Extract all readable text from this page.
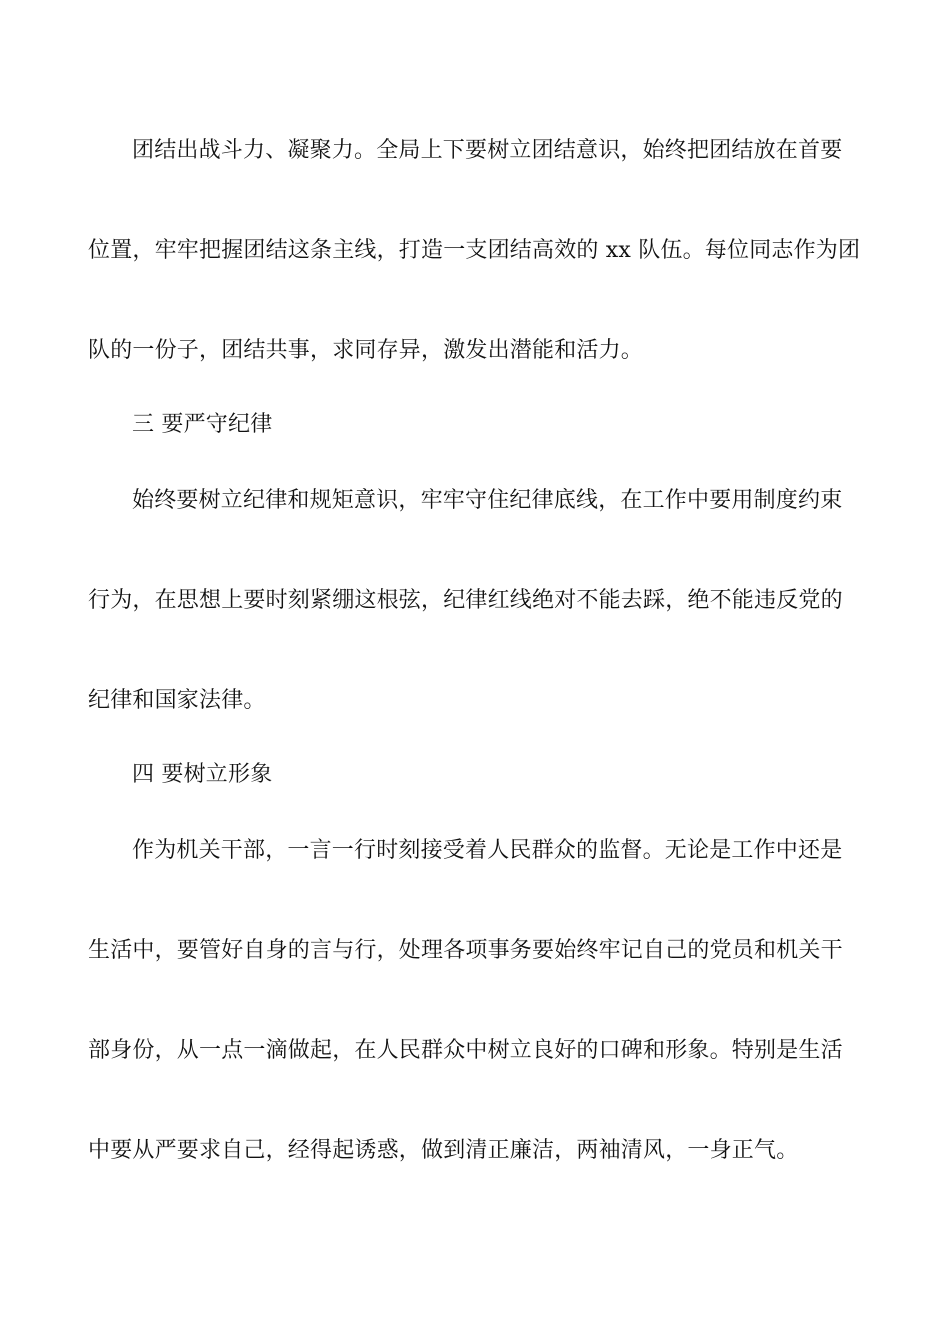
团结出战斗力、凝聚力。全局上下要树立团结意识，始终把团结放在首要
位置，牢牢把握团结这条主线，打造一支团结高效的 xx 队伍。每位同志作为团
队的一份子，团结共事，求同存异，激发出潜能和活力。
三 要严守纪律
始终要树立纪律和规矩意识，牢牢守住纪律底线，在工作中要用制度约束
行为，在思想上要时刻紧绷这根弦，纪律红线绝对不能去踩，绝不能违反党的
纪律和国家法律。
四 要树立形象
作为机关干部，一言一行时刻接受着人民群众的监督。无论是工作中还是
生活中，要管好自身的言与行，处理各项事务要始终牢记自己的党员和机关干
部身份，从一点一滴做起，在人民群众中树立良好的口碑和形象。特别是生活
中要从严要求自己，经得起诱惑，做到清正廉洁，两袖清风，一身正气。
